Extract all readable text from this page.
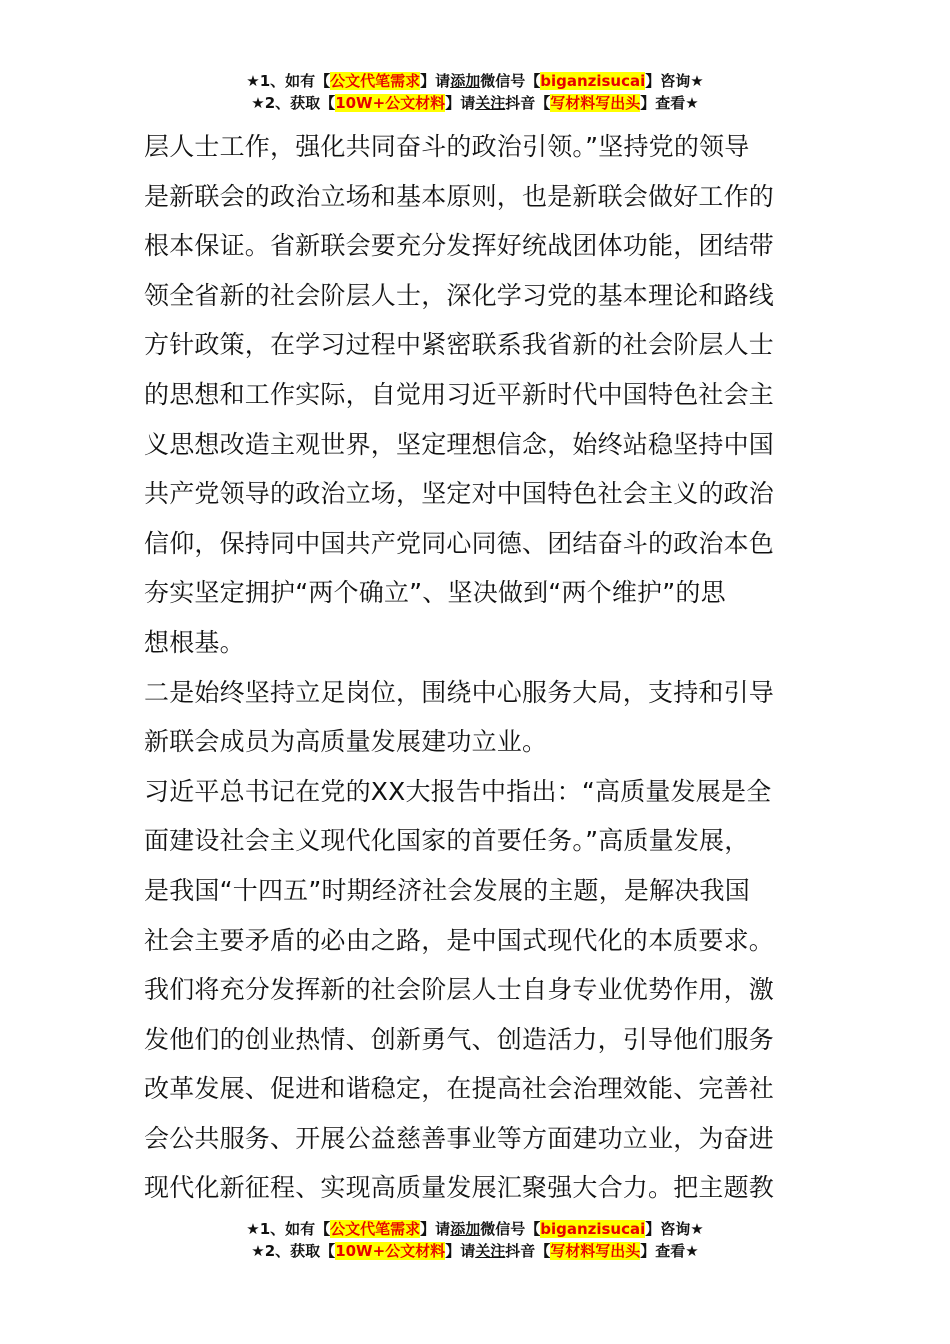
★1、如有【公文代笔需求】请添加微信号【biganzisucai】咨询★
★2、获取【10W+公文材料】请关注抖音【写材料写出头】查看★

层人士工作，强化共同奋斗的政治引领。”坚持党的领导

是新联会的政治立场和基本原则，也是新联会做好工作的

根本保证。省新联会要充分发挥好统战团体功能，团结带

领全省新的社会阶层人士，深化学习党的基本理论和路线

方针政策，在学习过程中紧密联系我省新的社会阶层人士

的思想和工作实际，自觉用习近平新时代中国特色社会主

义思想改造主观世界，坚定理想信念，始终站稳坚持中国

共产党领导的政治立场，坚定对中国特色社会主义的政治

信仰，保持同中国共产党同心同德、团结奋斗的政治本色

夯实坚定拥护“两个确立”、坚决做到“两个维护”的思

想根基。

二是始终坚持立足岗位，围绕中心服务大局，支持和引导

新联会成员为高质量发展建功立业。

习近平总书记在党的XX大报告中指出：“高质量发展是全

面建设社会主义现代化国家的首要任务。”高质量发展，

是我国“十四五”时期经济社会发展的主题，是解决我国

社会主要矛盾的必由之路，是中国式现代化的本质要求。

我们将充分发挥新的社会阶层人士自身专业优势作用，激

发他们的创业热情、创新勇气、创造活力，引导他们服务

改革发展、促进和谐稳定，在提高社会治理效能、完善社

会公共服务、开展公益慈善事业等方面建功立业，为奋进

现代化新征程、实现高质量发展汇聚强大合力。把主题教

★1、如有【公文代笔需求】请添加微信号【biganzisucai】咨询★
★2、获取【10W+公文材料】请关注抖音【写材料写出头】查看★
